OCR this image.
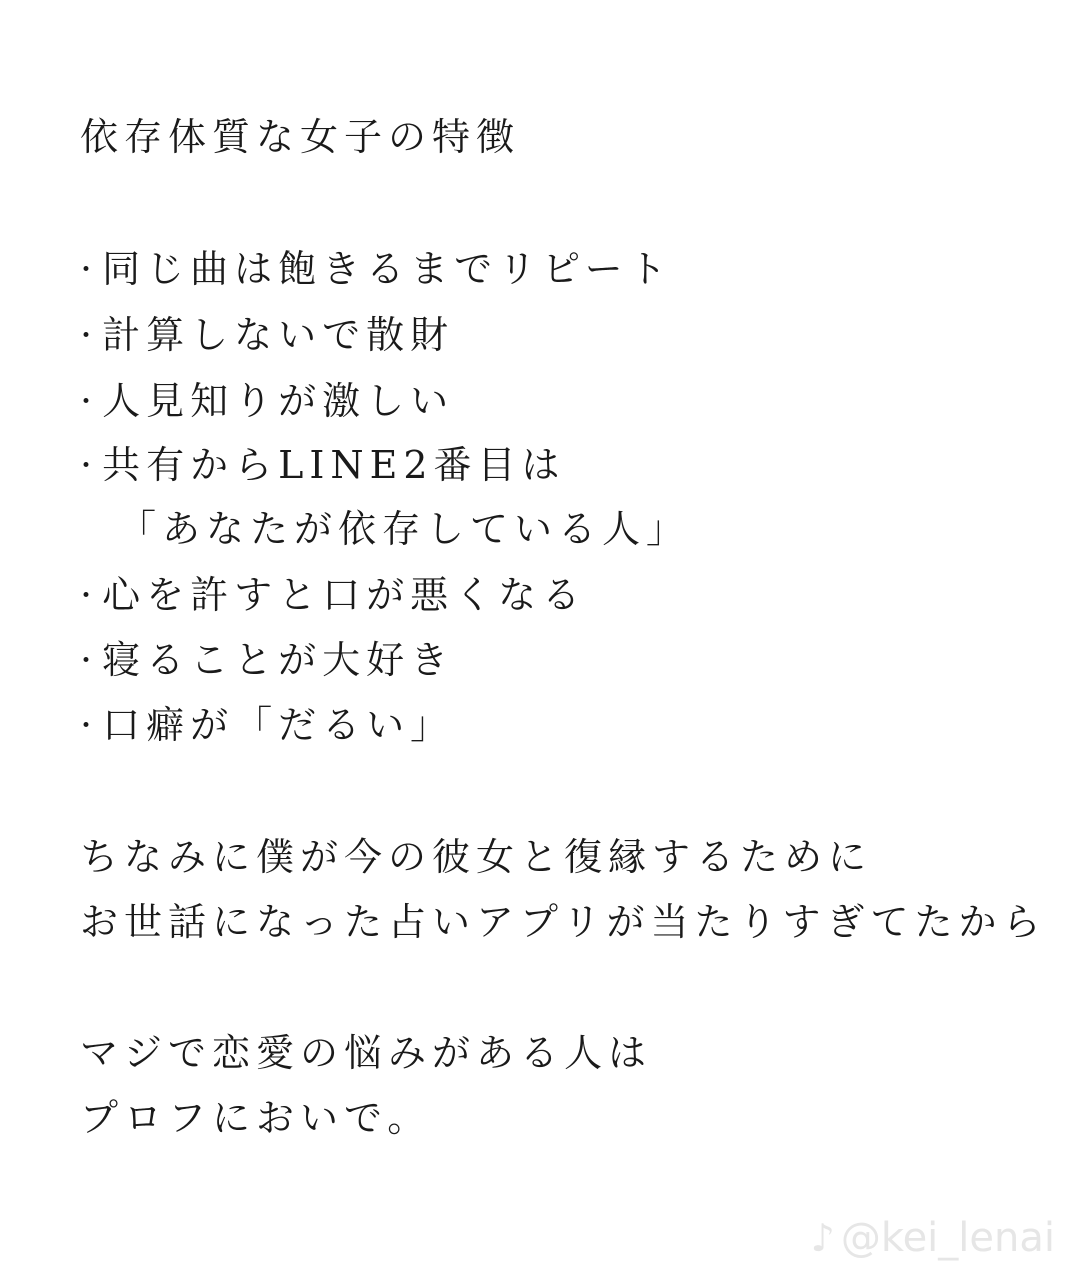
依存体質な女子の特徴
· 同じ曲は飽きるまでリピート
· 計算しないで散財
· 人見知りが激しい
· 共有からLINE2番目は
「あなたが依存している人」
· 心を許すと口が悪くなる
· 寝ることが大好き
· 口癖が「だるい」
ちなみに僕が今の彼女と復縁するために
お世話になった占いアプリが当たりすぎてたから
マジで恋愛の悩みがある人は
プロフにおいで。
♪ @kei_lenai
